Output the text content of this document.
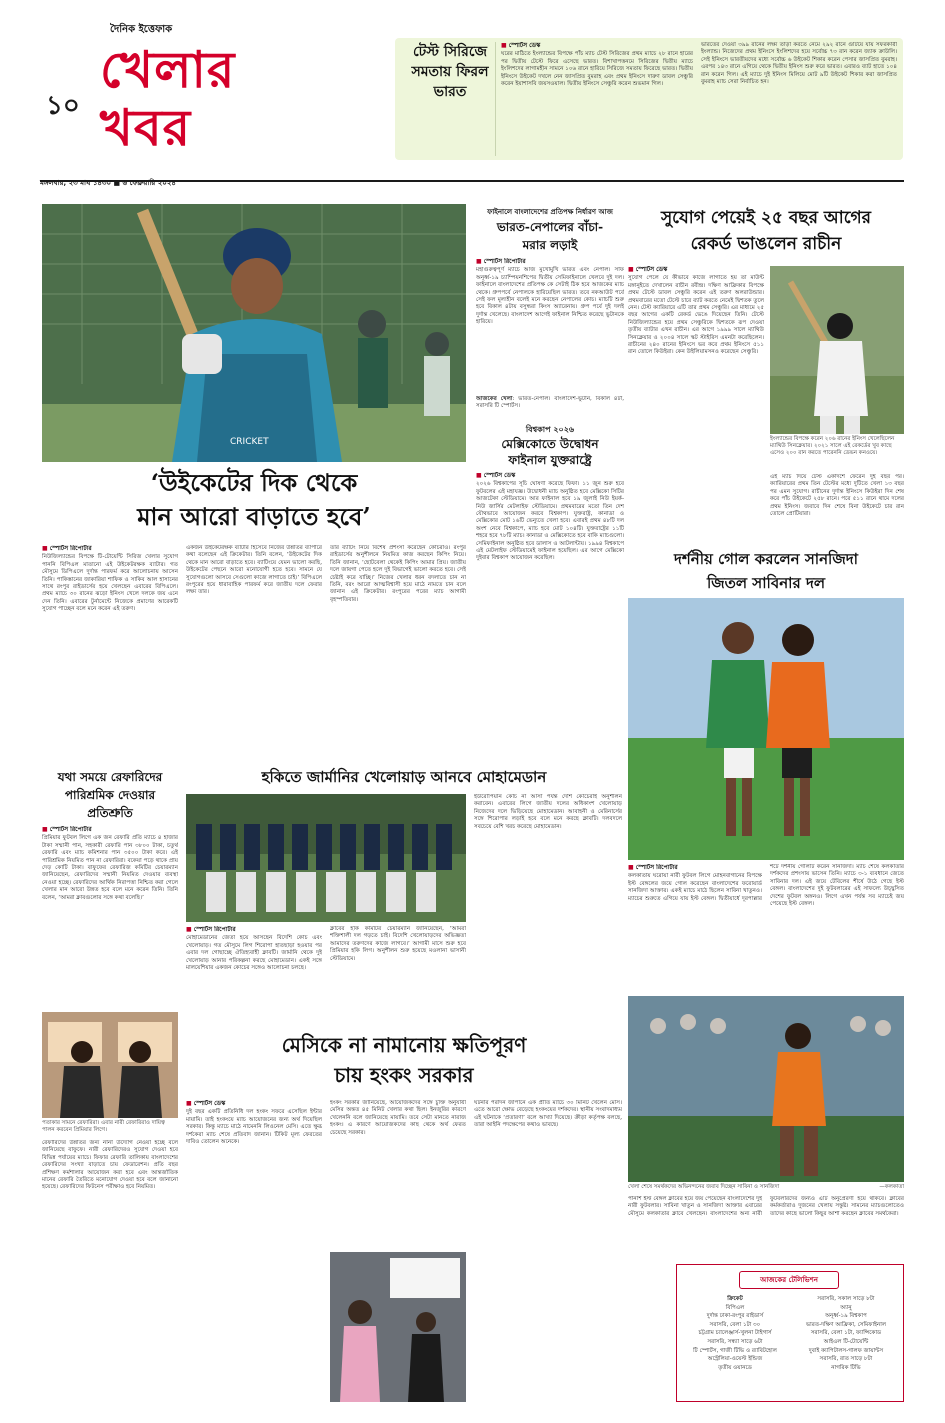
১০
দৈনিক ইত্তেফাক
খেলার
খবর
টেস্ট সিরিজে সমতায় ফিরল ভারত
■ স্পোর্টস ডেস্ক
ঘরের মাঠিতে ইংল্যান্ডের বিপক্ষে পাঁচ ম্যাচ টেস্ট সিরিজের প্রথম ম্যাচে ২৮ রানে হারের পর দ্বিতীয় টেস্টে ফিরে এসেছে ভারত। বিশাখাপত্তনমে সিরিজের দ্বিতীয় ম্যাচে ইংলিশদের লাগামহীন সামনে ১০৬ রানে হারিয়ে সিরিজে সমতায় ফিরেছে ভারত। দ্বিতীয় ইনিংসে উইকেট দখলে নেন জাসপ্রিত বুমরাহ এবং প্রথম ইনিংসে দারুণ ডাবল সেঞ্চুরি করেন ইয়াশাসবি জয়সওয়াল। দ্বিতীয় ইনিংসে সেঞ্চুরি করেন শুভমান গিল।
ভারতের দেওয়া ৩৯৯ রানের লক্ষ্য তাড়া করতে নেমে ২৯২ রানে গুটিয়ে যায় সফরকারী ইংল্যান্ড। নিজেদের প্রথম ইনিংসে ইংলিশদের হয়ে সর্বোচ্চ ৭৩ রান করেন জ্যাক ক্রাউলি। সেই ইনিংসে ভারতীয়দের মধ্যে সর্বোচ্চ ৬ উইকেট শিকার করেন পেসার জাসপ্রিত বুমরাহ। এরপর ১৪৩ রানে এগিয়ে থেকে দ্বিতীয় ইনিংস শুরু করে ভারত। এবারও ব্যাট হাতে ১০৪ রান করেন গিল। এই ম্যাচে দুই ইনিংস মিলিয়ে মোট ৯টি উইকেট শিকার করা জাসপ্রিত বুমরাহ ম্যাচ সেরা নির্বাচিত হন।
মঙ্গলবার, ২৩ মাঘ ১৪৩০ ■ ৬ ফেব্রুয়ারি ২০২৪
CRICKET
‘উইকেটের দিক থেকে
মান আরো বাড়াতে হবে’
■ স্পোর্টস রিপোর্টার
নিউজিল্যান্ডের বিপক্ষে টি-টোয়েন্টি সিরিজ খেলার সুযোগ পাননি বিপিএল মাতানো এই উইকেটরক্ষক ব্যাটার। গত মৌসুমে ডিপিএলে দুর্দান্ত পারফর্ম করে আলোচনায় আসেন তিনি। পাকিস্তানের জাকারিয়া শাফিক ও সাকিব আল হাসানের সাথে রংপুর রাইডার্সের হয়ে খেলছেন এবারের বিপিএলে। প্রথম ম্যাচে ৩০ রানের ঝড়ো ইনিংস খেলে দলকে জয় এনে দেন তিনি। এবারের টুর্নামেন্টে নিজেকে প্রমাণের আরেকটি সুযোগ পাচ্ছেন বলে মনে করেন এই তরুণ।
একজন উইকেটরক্ষক ব্যাটার হিসেবে নিজের উন্নতির ব্যাপারে কথা বলেছেন এই ক্রিকেটার। তিনি বলেন, ‘উইকেটের দিক থেকে মান আরো বাড়াতে হবে। ব্যাটিংয়ে যেমন ভালো করছি, উইকেটের পেছনে আরো মনোযোগী হতে হবে। সামনে যে সুযোগগুলো আসবে সেগুলো কাজে লাগাতে চাই।’ বিপিএলে রংপুরের হয়ে ধারাবাহিক পারফর্ম করে জাতীয় দলে ফেরার লক্ষ্য তার।
তার ব্যাটিং নিয়ে বিশেষ প্রশংসা করেছেন কোচরাও। রংপুর রাইডার্সের অনুশীলনে নিয়মিত কাজ করছেন কিপিং নিয়ে। তিনি জানান, ‘ছোটবেলা থেকেই কিপিং আমার প্রিয়। জাতীয় দলে জায়গা পেতে হলে দুই বিভাগেই ভালো করতে হবে। সেই চেষ্টাই করে যাচ্ছি।’ নিজের খেলার ধরন বদলাতে চান না তিনি, বরং আরো আত্মবিশ্বাসী হয়ে মাঠে নামতে চান বলে জানান এই ক্রিকেটার। রংপুরের পরের ম্যাচ আগামী বৃহস্পতিবার।
ফাইনালে বাংলাদেশের প্রতিপক্ষ নির্ধারণ আজ
ভারত-নেপালের বাঁচা-
মরার লড়াই
■ স্পোর্টস রিপোর্টার
মহাগুরুত্বপূর্ণ ম্যাচে আজ মুখোমুখি ভারত এবং নেপাল। সাফ অনূর্ধ্ব-১৯ চ্যাম্পিয়নশিপের দ্বিতীয় সেমিফাইনালে খেলবে দুই দল। ফাইনালে বাংলাদেশের প্রতিপক্ষ কে সেটাই ঠিক হবে আজকের ম্যাচ থেকে। গ্রুপপর্বে নেপালকে হারিয়েছিল ভারত। তবে নকআউট পর্বে সেই ফল মূল্যহীন বলেই মনে করছেন নেপালের কোচ। ম্যাচটি শুরু হবে বিকাল ৪টায় বসুন্ধরা কিংস অ্যারেনায়। গ্রুপ পর্বে দুই দলই দুর্দান্ত খেলেছে। বাংলাদেশ আগেই ফাইনাল নিশ্চিত করেছে ভুটানকে হারিয়ে।
আজকের খেলা: ভারত-নেপাল। বাংলাদেশ-ভুটান, বিকাল ৪টা, সরাসরি টি স্পোর্টস।
বিশ্বকাপ ২০২৬
মেক্সিকোতে উদ্বোধন
ফাইনাল যুক্তরাষ্ট্রে
■ স্পোর্টস ডেস্ক
২০২৬ বিশ্বকাপের সূচি ঘোষণা করেছে ফিফা। ১১ জুন শুরু হবে ফুটবলের এই মহাযজ্ঞ। উদ্বোধনী ম্যাচ অনুষ্ঠিত হবে মেক্সিকো সিটির আজটেকা স্টেডিয়ামে। আর ফাইনাল হবে ১৯ জুলাই নিউ ইয়র্ক-নিউ জার্সির মেটলাইফ স্টেডিয়ামে। প্রথমবারের মতো তিন দেশ যৌথভাবে আয়োজন করবে বিশ্বকাপ। যুক্তরাষ্ট্র, কানাডা ও মেক্সিকোর মোট ১৬টি ভেন্যুতে খেলা হবে। এবারই প্রথম ৪৮টি দল অংশ নেবে বিশ্বকাপে, ম্যাচ হবে মোট ১০৪টি। যুক্তরাষ্ট্রের ১১টি শহরে হবে ৭৮টি ম্যাচ। কানাডা ও মেক্সিকোতে হবে বাকি ম্যাচগুলো। সেমিফাইনাল অনুষ্ঠিত হবে ডালাস ও আটলান্টায়। ১৯৯৪ বিশ্বকাপে এই মেটলাইফ স্টেডিয়ামেই ফাইনাল হয়েছিল। এর আগে মেক্সিকো দুইবার বিশ্বকাপ আয়োজন করেছিল।
সুযোগ পেয়েই ২৫ বছর আগের
রেকর্ড ভাঙলেন রাচীন
■ স্পোর্টস ডেস্ক
সুযোগ পেলে যে কীভাবে কাজে লাগাতে হয় তা মাউন্ট মঙ্গানুইতে দেখালেন রাচীন রবীন্দ্র। দক্ষিণ আফ্রিকার বিপক্ষে প্রথম টেস্টে ডাবল সেঞ্চুরি করেন এই তরুণ অলরাউন্ডার। প্রথমবারের মতো টেস্টে চারে ব্যাট করতে নেমেই দ্বিশতক তুলে নেন। টেস্ট ক্যারিয়ারে এটি তার প্রথম সেঞ্চুরি। এর মাধ্যমে ২৫ বছর আগের একটি রেকর্ড ভেঙে দিয়েছেন তিনি। টেস্টে নিউজিল্যান্ডের হয়ে প্রথম সেঞ্চুরিকে দ্বিশতকে রূপ দেওয়া তৃতীয় ব্যাটার এখন রাচীন। এর আগে ১৯৯৯ সালে ম্যাথিউ সিনক্লেয়ার ও ২০০৪ সালে স্কট স্টাইরিস এমনটা করেছিলেন। রাচীনের ২৪০ রানের ইনিংসে ভর করে প্রথম ইনিংসে ৫১১ রান তোলে কিউইরা। কেন উইলিয়ামসনও করেছেন সেঞ্চুরি।
ইংল্যান্ডের বিপক্ষে করেন ২০৬ রানের ইনিংস খেলেছিলেন ম্যাথিউ সিনক্লেয়ার। ২০২১ সালে এই রেকর্ডের খুব কাছে এসেও ২০০ রান করতে পারেননি ডেভন কনওয়ে।
এই ম্যাচ দিয়ে টেস্ট একাদশে ফেরেন দুই বছর পর। ক্যারিয়ারের প্রথম তিন টেস্টের মধ্যে দুটিতে খেলা ১৩ বছর পর এমন সুযোগ। রাচীনের দুর্দান্ত ইনিংসে কিউইরা দিন শেষ করে পাঁচ উইকেটে ২৫৮ রানে। পরে ৫১১ রানে থামে দলের প্রথম ইনিংস। জবাবে দিন শেষে বিনা উইকেটে চার রান তোলে প্রোটিয়ারা।
দর্শনীয় গোল করলেন সানজিদা
জিতল সাবিনার দল
■ স্পোর্টস রিপোর্টার
কলকাতায় ঘরোয়া নারী ফুটবল লিগে মোহনবাগানের বিপক্ষে ইস্ট বেঙ্গলের জয়ে গোল করেছেন বাংলাদেশের ফরোয়ার্ড সানজিদা আক্তার। একই ম্যাচে মাঠে ছিলেন সাবিনা খাতুনও। ম্যাচের শুরুতে এগিয়ে যায় ইস্ট বেঙ্গল। দ্বিতীয়ার্ধে দূরপাল্লার শটে দর্শনীয় গোলটি করেন সানজিদা। ম্যাচ শেষে কলকাতার দর্শকদের প্রশংসায় ভাসেন তিনি। ম্যাচে ৩-১ ব্যবধানে জেতে সাবিনার দল। এই জয়ে টেবিলের শীর্ষে উঠে গেছে ইস্ট বেঙ্গল। বাংলাদেশের দুই ফুটবলারের এই সাফল্যে উচ্ছ্বসিত দেশের ফুটবল অঙ্গনও। লিগে এখন পর্যন্ত সব ম্যাচেই জয় পেয়েছে ইস্ট বেঙ্গল।
যথা সময়ে রেফারিদের
পারিশ্রমিক দেওয়ার
প্রতিশ্রুতি
■ স্পোর্টস রিপোর্টার
প্রিমিয়ার ফুটবল লিগে এক জন রেফারি প্রতি ম্যাচে ৪ হাজার টাকা সম্মানী পান, সহকারী রেফারি পান ৩৮০০ টাকা, চতুর্থ রেফারি এবং ম্যাচ কমিশনার পান ৩৫০০ টাকা করে। এই পারিশ্রমিক নিয়মিত পান না রেফারিরা। বকেয়া পড়ে থাকে প্রায় দেড় কোটি টাকা। বাফুফের রেফারিজ কমিটির চেয়ারম্যান জানিয়েছেন, রেফারিদের সম্মানী নিয়মিত দেওয়ার ব্যবস্থা নেওয়া হচ্ছে। রেফারিদের আর্থিক নিরাপত্তা নিশ্চিত করা গেলে খেলার মান আরো উন্নত হবে বলে মনে করেন তিনি। তিনি বলেন, ‘আমরা ক্লাবগুলোর সঙ্গে কথা বলেছি।’
পতাকার সামনে রেফারিরা। এবার নারী রেফারিরাও দায়িত্ব পালন করবেন প্রিমিয়ার লিগে।
রেফারিদের উন্নতির জন্য নানা উদ্যোগ নেওয়া হচ্ছে বলে জানিয়েছে বাফুফে। নারী রেফারিদেরও সুযোগ দেওয়া হবে বিভিন্ন পর্যায়ের ম্যাচে। ফিফার রেফারি তালিকায় বাংলাদেশের রেফারিদের সংখ্যা বাড়াতে চায় ফেডারেশন। প্রতি বছর প্রশিক্ষণ কর্মশালার আয়োজন করা হবে এবং আন্তর্জাতিক মানের রেফারি তৈরিতে মনোযোগ দেওয়া হবে বলে জানানো হয়েছে। রেফারিদের ফিটনেস পরীক্ষাও হবে নিয়মিত।
হকিতে জার্মানির খেলোয়াড় আনবে মোহামেডান
■ স্পোর্টস রিপোর্টার
মোহামেডানের জেতা হয়ে আসছেন বিদেশি কোচ এবং খেলোয়াড়। গত মৌসুমে লিগ শিরোপা হাতছাড়া হওয়ার পর এবার দল গোছাচ্ছে ঐতিহ্যবাহী ক্লাবটি। জার্মানি থেকে দুই খেলোয়াড় আনার পরিকল্পনা করছে মোহামেডান। একই সঙ্গে মালয়েশিয়ার একজন কোচের সঙ্গেও আলোচনা চলছে।
ক্লাবের হকি কমিটির চেয়ারম্যান জানিয়েছেন, ‘আমরা শক্তিশালী দল গড়তে চাই। বিদেশি খেলোয়াড়দের অভিজ্ঞতা আমাদের তরুণদের কাজে লাগবে।’ আগামী মাসে শুরু হবে প্রিমিয়ার হকি লিগ। অনুশীলন শুরু হয়েছে মওলানা ভাসানী স্টেডিয়ামে।
ইউরোপিয়ান কোচ না আসা পর্যন্ত দেশি কোচেরাই অনুশীলন করাবেন। এবারের লিগে জাতীয় দলের অধিকাংশ খেলোয়াড় নিজেদের দলে ভিড়িয়েছে মোহামেডান। আবাহনী ও মেরিনার্সের সঙ্গে শিরোপার লড়াই হবে বলে মনে করছে ক্লাবটি। দলবদলে সবচেয়ে বেশি খরচ করেছে মোহামেডান।
মেসিকে না নামানোয় ক্ষতিপূরণ
চায় হংকং সরকার
■ স্পোর্টস ডেস্ক
দুই বছর একটি প্রতিনিধি দল হংকং সফরে এসেছিল ইন্টার মায়ামি। তাই হংকংয়ে ম্যাচ আয়োজনের জন্য অর্থ দিয়েছিল সরকার। কিন্তু ম্যাচে মাঠে নামেননি লিওনেল মেসি। এতে ক্ষুব্ধ দর্শকেরা ম্যাচ শেষে প্রতিবাদ জানান। টিকিট মূল্য ফেরতের দাবিও তোলেন অনেকে।
হংকং সরকার জানিয়েছে, আয়োজকদের সঙ্গে চুক্তি অনুযায়ী মেসির অন্তত ৪৫ মিনিট খেলার কথা ছিল। ইনজুরির কারণে খেলেননি বলে জানিয়েছে মায়ামি। তবে সেটা মানতে নারাজ হংকং। এ কারণে আয়োজকদের কাছ থেকে অর্থ ফেরত চেয়েছে সরকার।
ঘটনার পরদিন জাপানে এক প্রীতি ম্যাচে ৩০ মিনিট খেলেন মেসি। এতে আরো ক্ষোভ বেড়েছে হংকংয়ের দর্শকদের। স্থানীয় সংবাদমাধ্যম এই ঘটনাকে ‘প্রতারণা’ বলে আখ্যা দিয়েছে। ক্রীড়া কর্তৃপক্ষ বলছে, তারা আইনি পদক্ষেপের কথাও ভাবছে।
খেলা শেষে সমর্থকদের অভিনন্দনের জবাব দিচ্ছেন সাবিনা ও সানজিদা	—কলকাতা
পানশি ইস্ট বেঙ্গল ক্লাবের হয়ে জয় পেয়েছেন বাংলাদেশের দুই নারী ফুটবলার। সাবিনা খাতুন ও সানজিদা আক্তার এবারের মৌসুমে কলকাতার ক্লাবে খেলছেন। বাংলাদেশের অন্য নারী ফুটবলারদের জন্যও এটি অনুপ্রেরণা হয়ে থাকবে। ক্লাবের কর্মকর্তারাও দুজনের খেলায় সন্তুষ্ট। সামনের ম্যাচগুলোতেও তাদের কাছে ভালো কিছুর আশা করছেন ক্লাবের সমর্থকেরা।
আজকের টেলিভিশন
ক্রিকেট
বিপিএল
দুর্দান্ত ঢাকা-রংপুর রাইডার্স
সরাসরি, বেলা ১টা ৩০
চট্টগ্রাম চ্যালেঞ্জার্স-খুলনা টাইগার্স
সরাসরি, সন্ধ্যা সাড়ে ৬টা
টি স্পোর্টস, গাজী টিভি ও র‍্যাবিটহোল
অস্ট্রেলিয়া-ওয়েস্ট ইন্ডিজ
তৃতীয় ওয়ানডে
সরাসরি, সকাল সাড়ে ৮টা
অ্যানু
অনূর্ধ্ব-১৯ বিশ্বকাপ
ভারত-দক্ষিণ আফ্রিকা, সেমিফাইনাল
সরাসরি, বেলা ১টা, ফ্যান্সিকোড
আইএল টি-টোয়েন্টি
দুবাই ক্যাপিটালস-গালফ জায়ান্টস
সরাসরি, রাত সাড়ে ৮টা
নাগরিক টিভি
